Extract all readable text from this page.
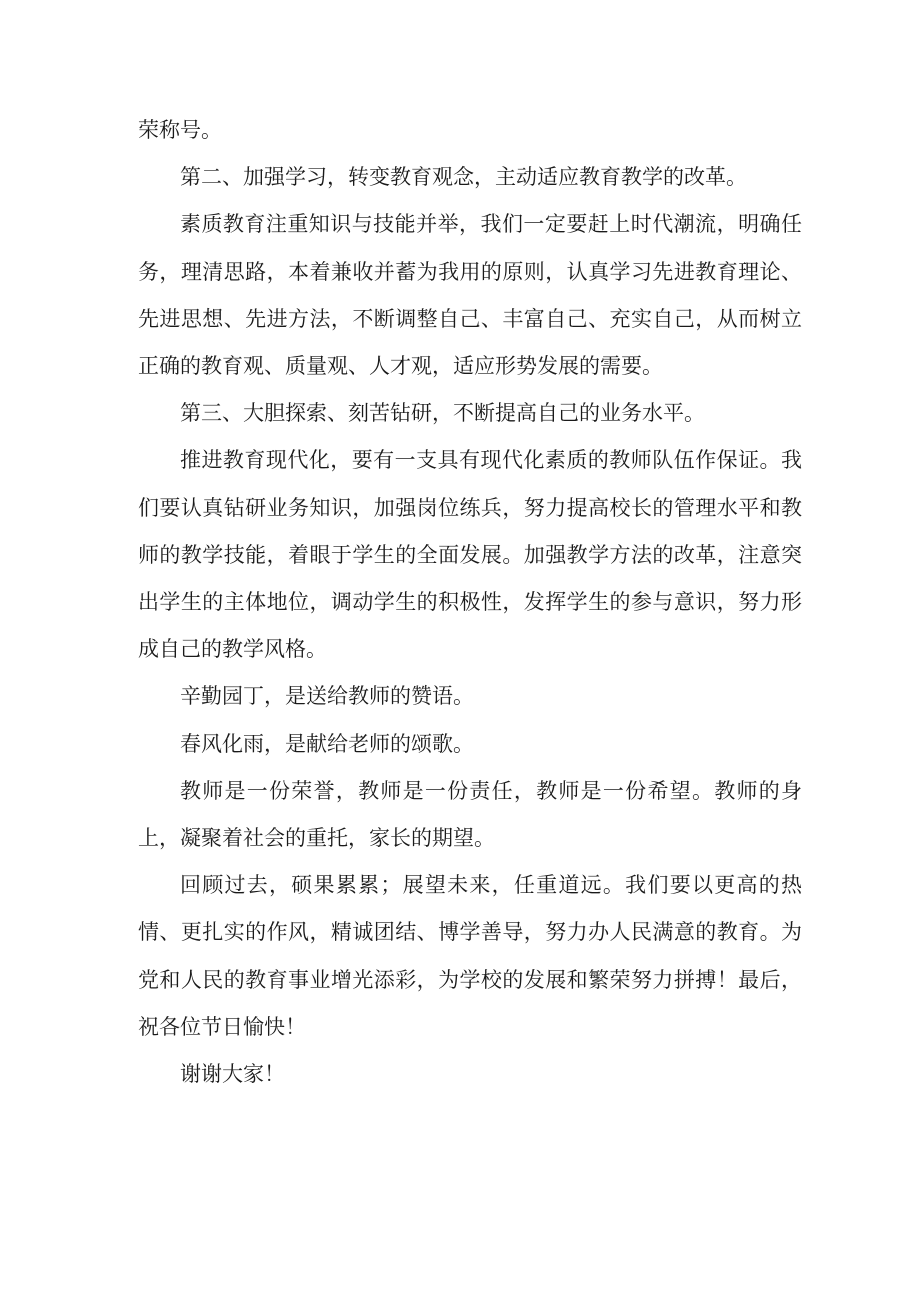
荣称号。

第二、加强学习，转变教育观念，主动适应教育教学的改革。

素质教育注重知识与技能并举，我们一定要赶上时代潮流，明确任务，理清思路，本着兼收并蓄为我用的原则，认真学习先进教育理论、先进思想、先进方法，不断调整自己、丰富自己、充实自己，从而树立正确的教育观、质量观、人才观，适应形势发展的需要。

第三、大胆探索、刻苦钻研，不断提高自己的业务水平。

推进教育现代化，要有一支具有现代化素质的教师队伍作保证。我们要认真钻研业务知识，加强岗位练兵，努力提高校长的管理水平和教师的教学技能，着眼于学生的全面发展。加强教学方法的改革，注意突出学生的主体地位，调动学生的积极性，发挥学生的参与意识，努力形成自己的教学风格。

辛勤园丁，是送给教师的赞语。

春风化雨，是献给老师的颂歌。

教师是一份荣誉，教师是一份责任，教师是一份希望。教师的身上，凝聚着社会的重托，家长的期望。

回顾过去，硕果累累；展望未来，任重道远。我们要以更高的热情、更扎实的作风，精诚团结、博学善导，努力办人民满意的教育。为党和人民的教育事业增光添彩，为学校的发展和繁荣努力拼搏！最后，祝各位节日愉快！

谢谢大家！
